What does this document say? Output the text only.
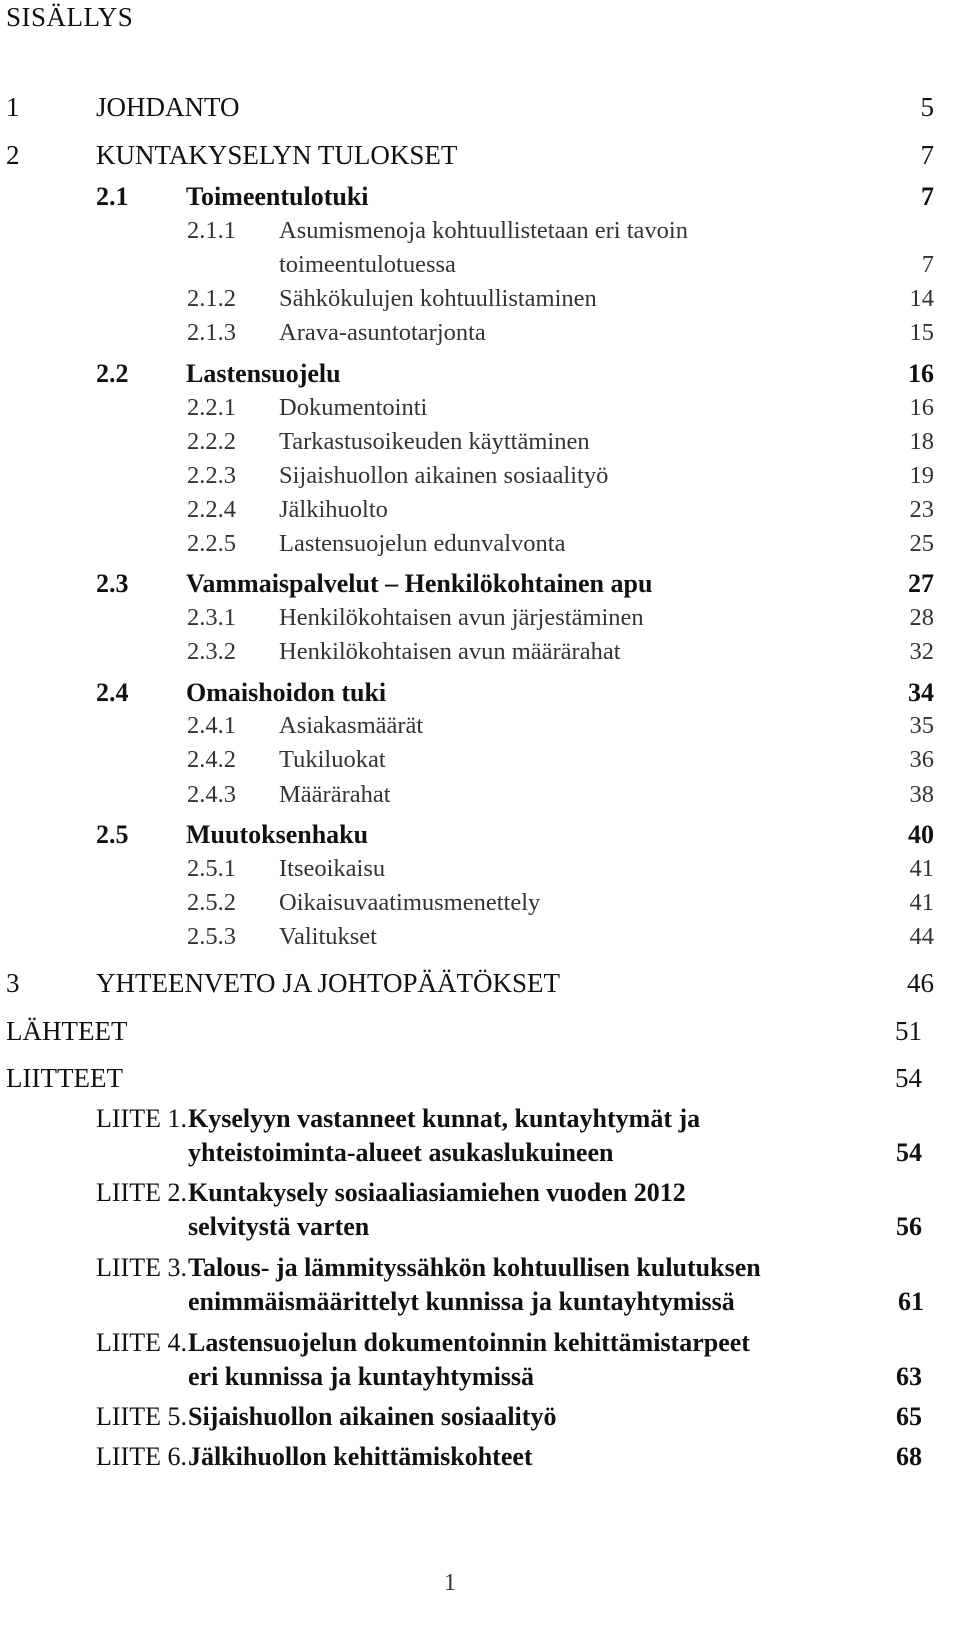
SISÄLLYS
1	JOHDANTO	5
2	KUNTAKYSELYN TULOKSET	7
2.1 Toimeentulotuki	7
2.1.1 Asumismenoja kohtuullistetaan eri tavoin
toimeentulotuessa	7
2.1.2 Sähkökulujen kohtuullistaminen	14
2.1.3 Arava-asuntotarjonta	15
2.2 Lastensuojelu	16
2.2.1 Dokumentointi	16
2.2.2 Tarkastusoikeuden käyttäminen	18
2.2.3 Sijaishuollon aikainen sosiaalityö	19
2.2.4 Jälkihuolto	23
2.2.5 Lastensuojelun edunvalvonta	25
2.3 Vammaispalvelut – Henkilökohtainen apu	27
2.3.1 Henkilökohtaisen avun järjestäminen	28
2.3.2 Henkilökohtaisen avun määrärahat	32
2.4 Omaishoidon tuki	34
2.4.1 Asiakasmäärät	35
2.4.2 Tukiluokat	36
2.4.3 Määrärahat	38
2.5 Muutoksenhaku	40
2.5.1 Itseoikaisu	41
2.5.2 Oikaisuvaatimusmenettely	41
2.5.3 Valitukset	44
3	YHTEENVETO JA JOHTOPÄÄTÖKSET	46
LÄHTEET	51
LIITTEET	54
LIITE 1. Kyselyyn vastanneet kunnat, kuntayhtymät ja
yhteistoiminta-alueet asukaslukuineen	54
LIITE 2. Kuntakysely sosiaaliasiamiehen vuoden 2012
selvitystä varten	56
LIITE 3. Talous- ja lämmityssähkön kohtuullisen kulutuksen
enimmäismäärittelyt kunnissa ja kuntayhtymissä	61
LIITE 4. Lastensuojelun dokumentoinnin kehittämistarpeet
eri kunnissa ja kuntayhtymissä	63
LIITE 5. Sijaishuollon aikainen sosiaalityö	65
LIITE 6. Jälkihuollon kehittämiskohteet	68
1
